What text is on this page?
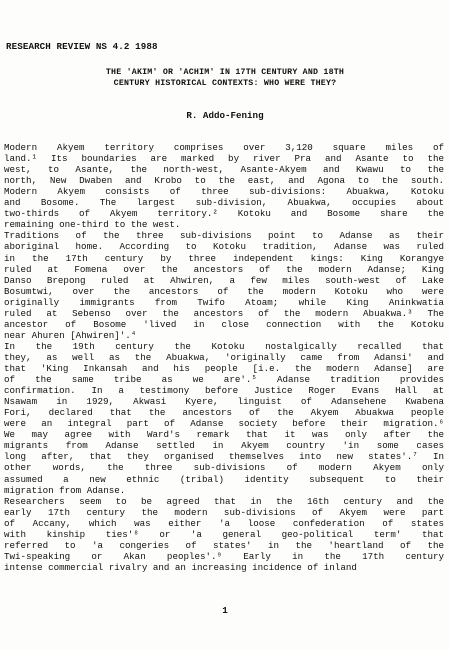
RESEARCH REVIEW NS 4.2 1988
THE 'AKIM' OR 'ACHIM' IN 17TH CENTURY AND 18TH
CENTURY HISTORICAL CONTEXTS: WHO WERE THEY?
R. Addo-Fening
Modern Akyem territory comprises over 3,120 square miles of
land.¹ Its boundaries are marked by river Pra and Asante to the
west, to Asante, the north-west, Asante-Akyem and Kwawu to the
north, New Dwaben and Krobo to the east, and Agona to the south.
Modern Akyem consists of three sub-divisions: Abuakwa, Kotoku
and Bosome. The largest sub-division, Abuakwa, occupies about
two-thirds of Akyem territory.² Kotoku and Bosome share the
remaining one-third to the west.
Traditions of the three sub-divisions point to Adanse as their
aboriginal home. According to Kotoku tradition, Adanse was ruled
in the 17th century by three independent kings: King Korangye
ruled at Fomena over the ancestors of the modern Adanse; King
Danso Brepong ruled at Ahwiren, a few miles south-west of Lake
Bosumtwi, over the ancestors of the modern Kotoku who were
originally immigrants from Twifo Atoam; while King Aninkwatia
ruled at Sebenso over the ancestors of the modern Abuakwa.³ The
ancestor of Bosome 'lived in close connection with the Kotoku
near Ahuren [Ahwiren]'.⁴
In the 19th century the Kotoku nostalgically recalled that
they, as well as the Abuakwa, 'originally came from Adansi' and
that 'King Inkansah and his people [i.e. the modern Adanse] are
of the same tribe as we are'.⁵ Adanse tradition provides
confirmation. In a testimony before Justice Roger Evans Hall at
Nsawam in 1929, Akwasi Kyere, linguist of Adansehene Kwabena
Fori, declared that the ancestors of the Akyem Abuakwa people
were an integral part of Adanse society before their migration.⁶
We may agree with Ward's remark that it was only after the
migrants from Adanse settled in Akyem country 'in some cases
long after, that they organised themselves into new states'.⁷ In
other words, the three sub-divisions of modern Akyem only
assumed a new ethnic (tribal) identity subsequent to their
migration from Adanse.
Researchers seem to be agreed that in the 16th century and the
early 17th century the modern sub-divisions of Akyem were part
of Accany, which was either 'a loose confederation of states
with kinship ties'⁸ or 'a general geo-political term' that
referred to 'a congeries of states' in the 'heartland of the
Twi-speaking or Akan peoples'.⁹ Early in the 17th century
intense commercial rivalry and an increasing incidence of inland
1
